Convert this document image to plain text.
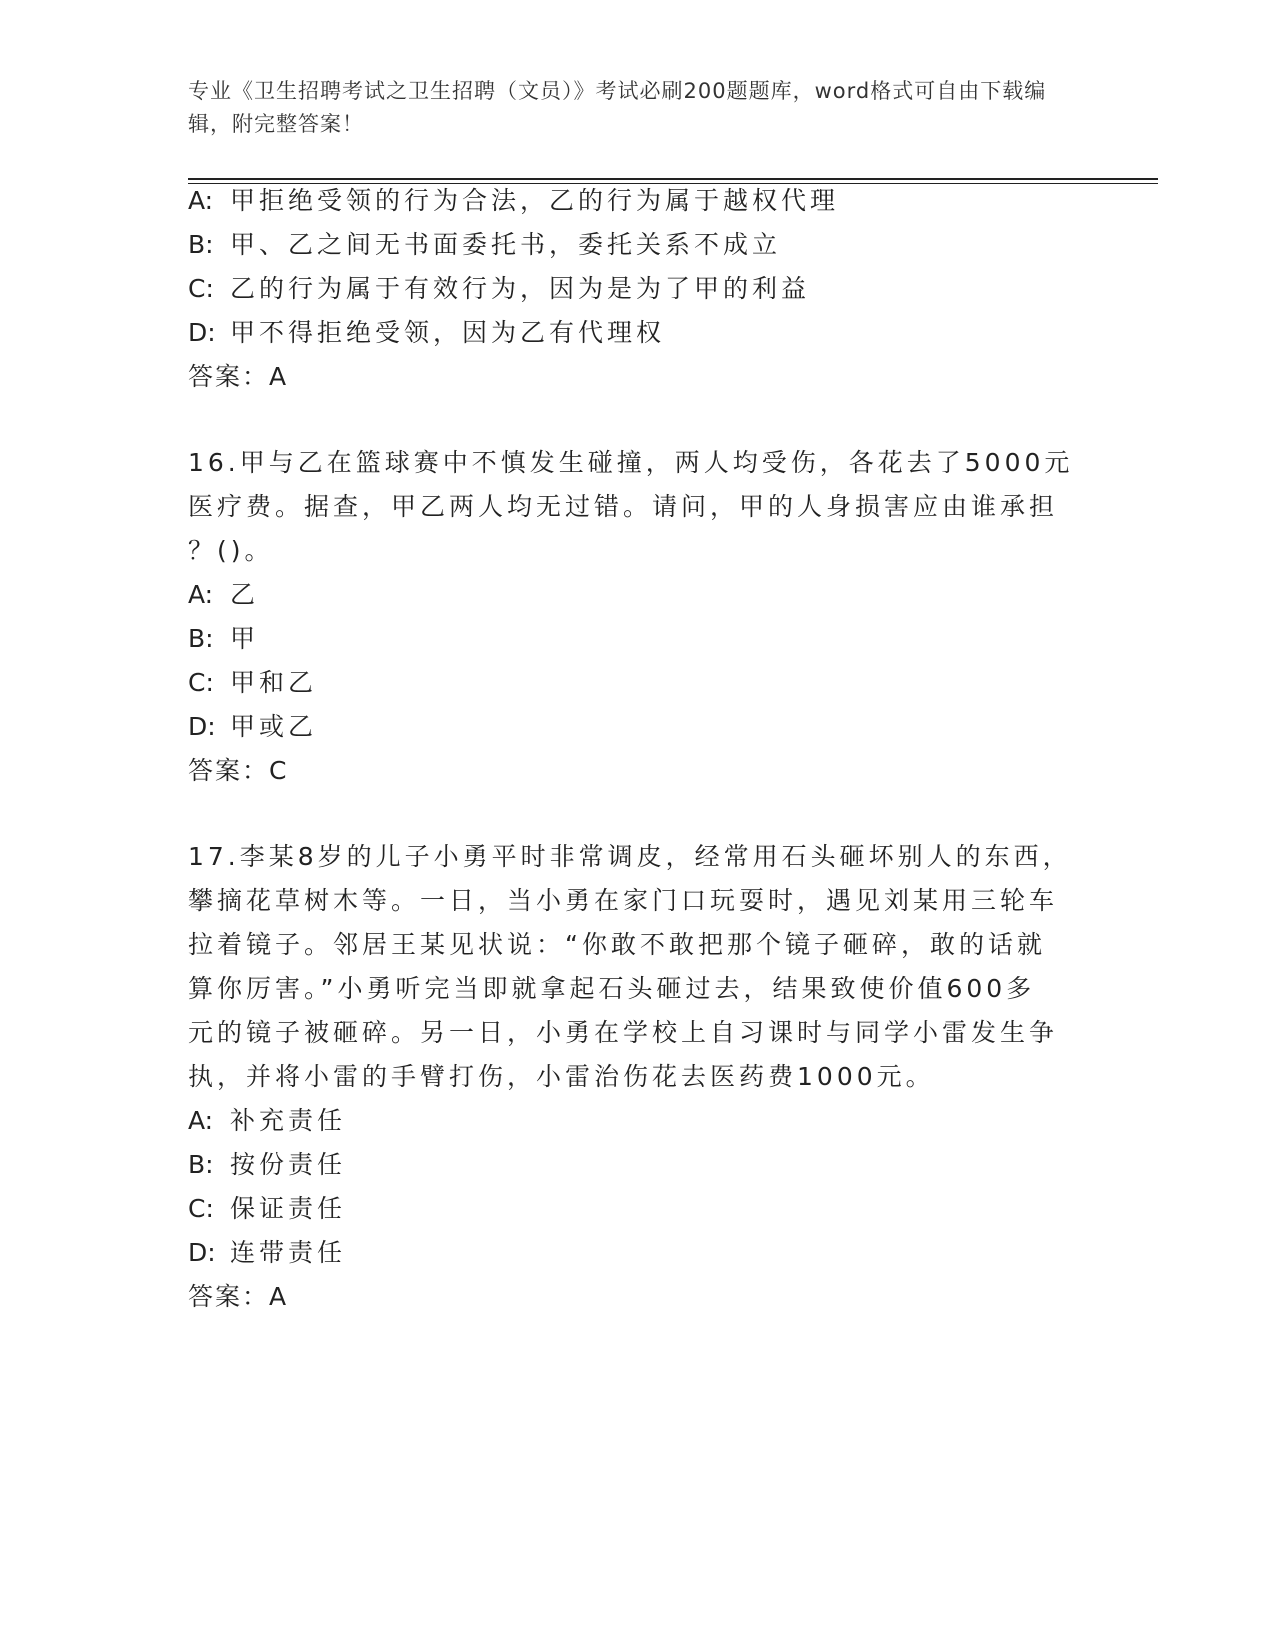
专业《卫生招聘考试之卫生招聘（文员）》考试必刷200题题库，word格式可自由下载编辑，附完整答案！
A: 甲拒绝受领的行为合法，乙的行为属于越权代理
B: 甲、乙之间无书面委托书，委托关系不成立
C: 乙的行为属于有效行为，因为是为了甲的利益
D: 甲不得拒绝受领，因为乙有代理权
答案：A
16.甲与乙在篮球赛中不慎发生碰撞，两人均受伤，各花去了5000元
医疗费。据查，甲乙两人均无过错。请问，甲的人身损害应由谁承担
？()。
A: 乙
B: 甲
C: 甲和乙
D: 甲或乙
答案：C
17.李某8岁的儿子小勇平时非常调皮，经常用石头砸坏别人的东西，
攀摘花草树木等。一日，当小勇在家门口玩耍时，遇见刘某用三轮车
拉着镜子。邻居王某见状说：“你敢不敢把那个镜子砸碎，敢的话就
算你厉害。”小勇听完当即就拿起石头砸过去，结果致使价值600多
元的镜子被砸碎。另一日，小勇在学校上自习课时与同学小雷发生争
执，并将小雷的手臂打伤，小雷治伤花去医药费1000元。
A: 补充责任
B: 按份责任
C: 保证责任
D: 连带责任
答案：A
